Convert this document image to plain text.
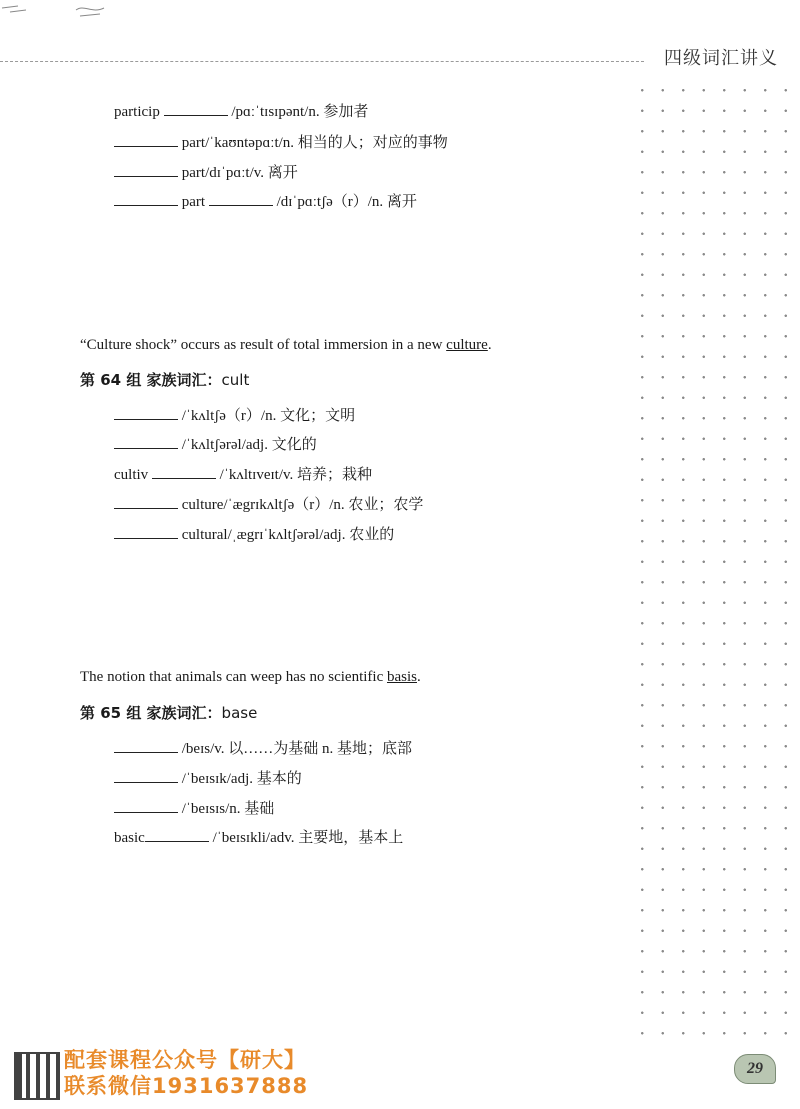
四级词汇讲义
particip	/pɑːˈtɪsɪpənt/n. 参加者
part/ˈkaʊntəpɑːt/n. 相当的人；对应的事物
part/dɪˈpɑːt/v. 离开
part	/dɪˈpɑːtʃə（r）/n. 离开
“Culture shock” occurs as result of total immersion in a new culture.
第 64 组 家族词汇：cult
/ˈkʌltʃə（r）/n. 文化；文明
/ˈkʌltʃərəl/adj. 文化的
cultiv	/ˈkʌltɪveɪt/v. 培养；栽种
culture/ˈægrɪkʌltʃə（r）/n. 农业；农学
cultural/ˌægrɪˈkʌltʃərəl/adj. 农业的
The notion that animals can weep has no scientific basis.
第 65 组 家族词汇：base
/beɪs/v. 以……为基础 n. 基地；底部
/ˈbeɪsɪk/adj. 基本的
/ˈbeɪsɪs/n. 基础
basic	/ˈbeɪsɪkli/adv. 主要地，基本上
配套课程公众号【研大】
联系微信1931637888
29
